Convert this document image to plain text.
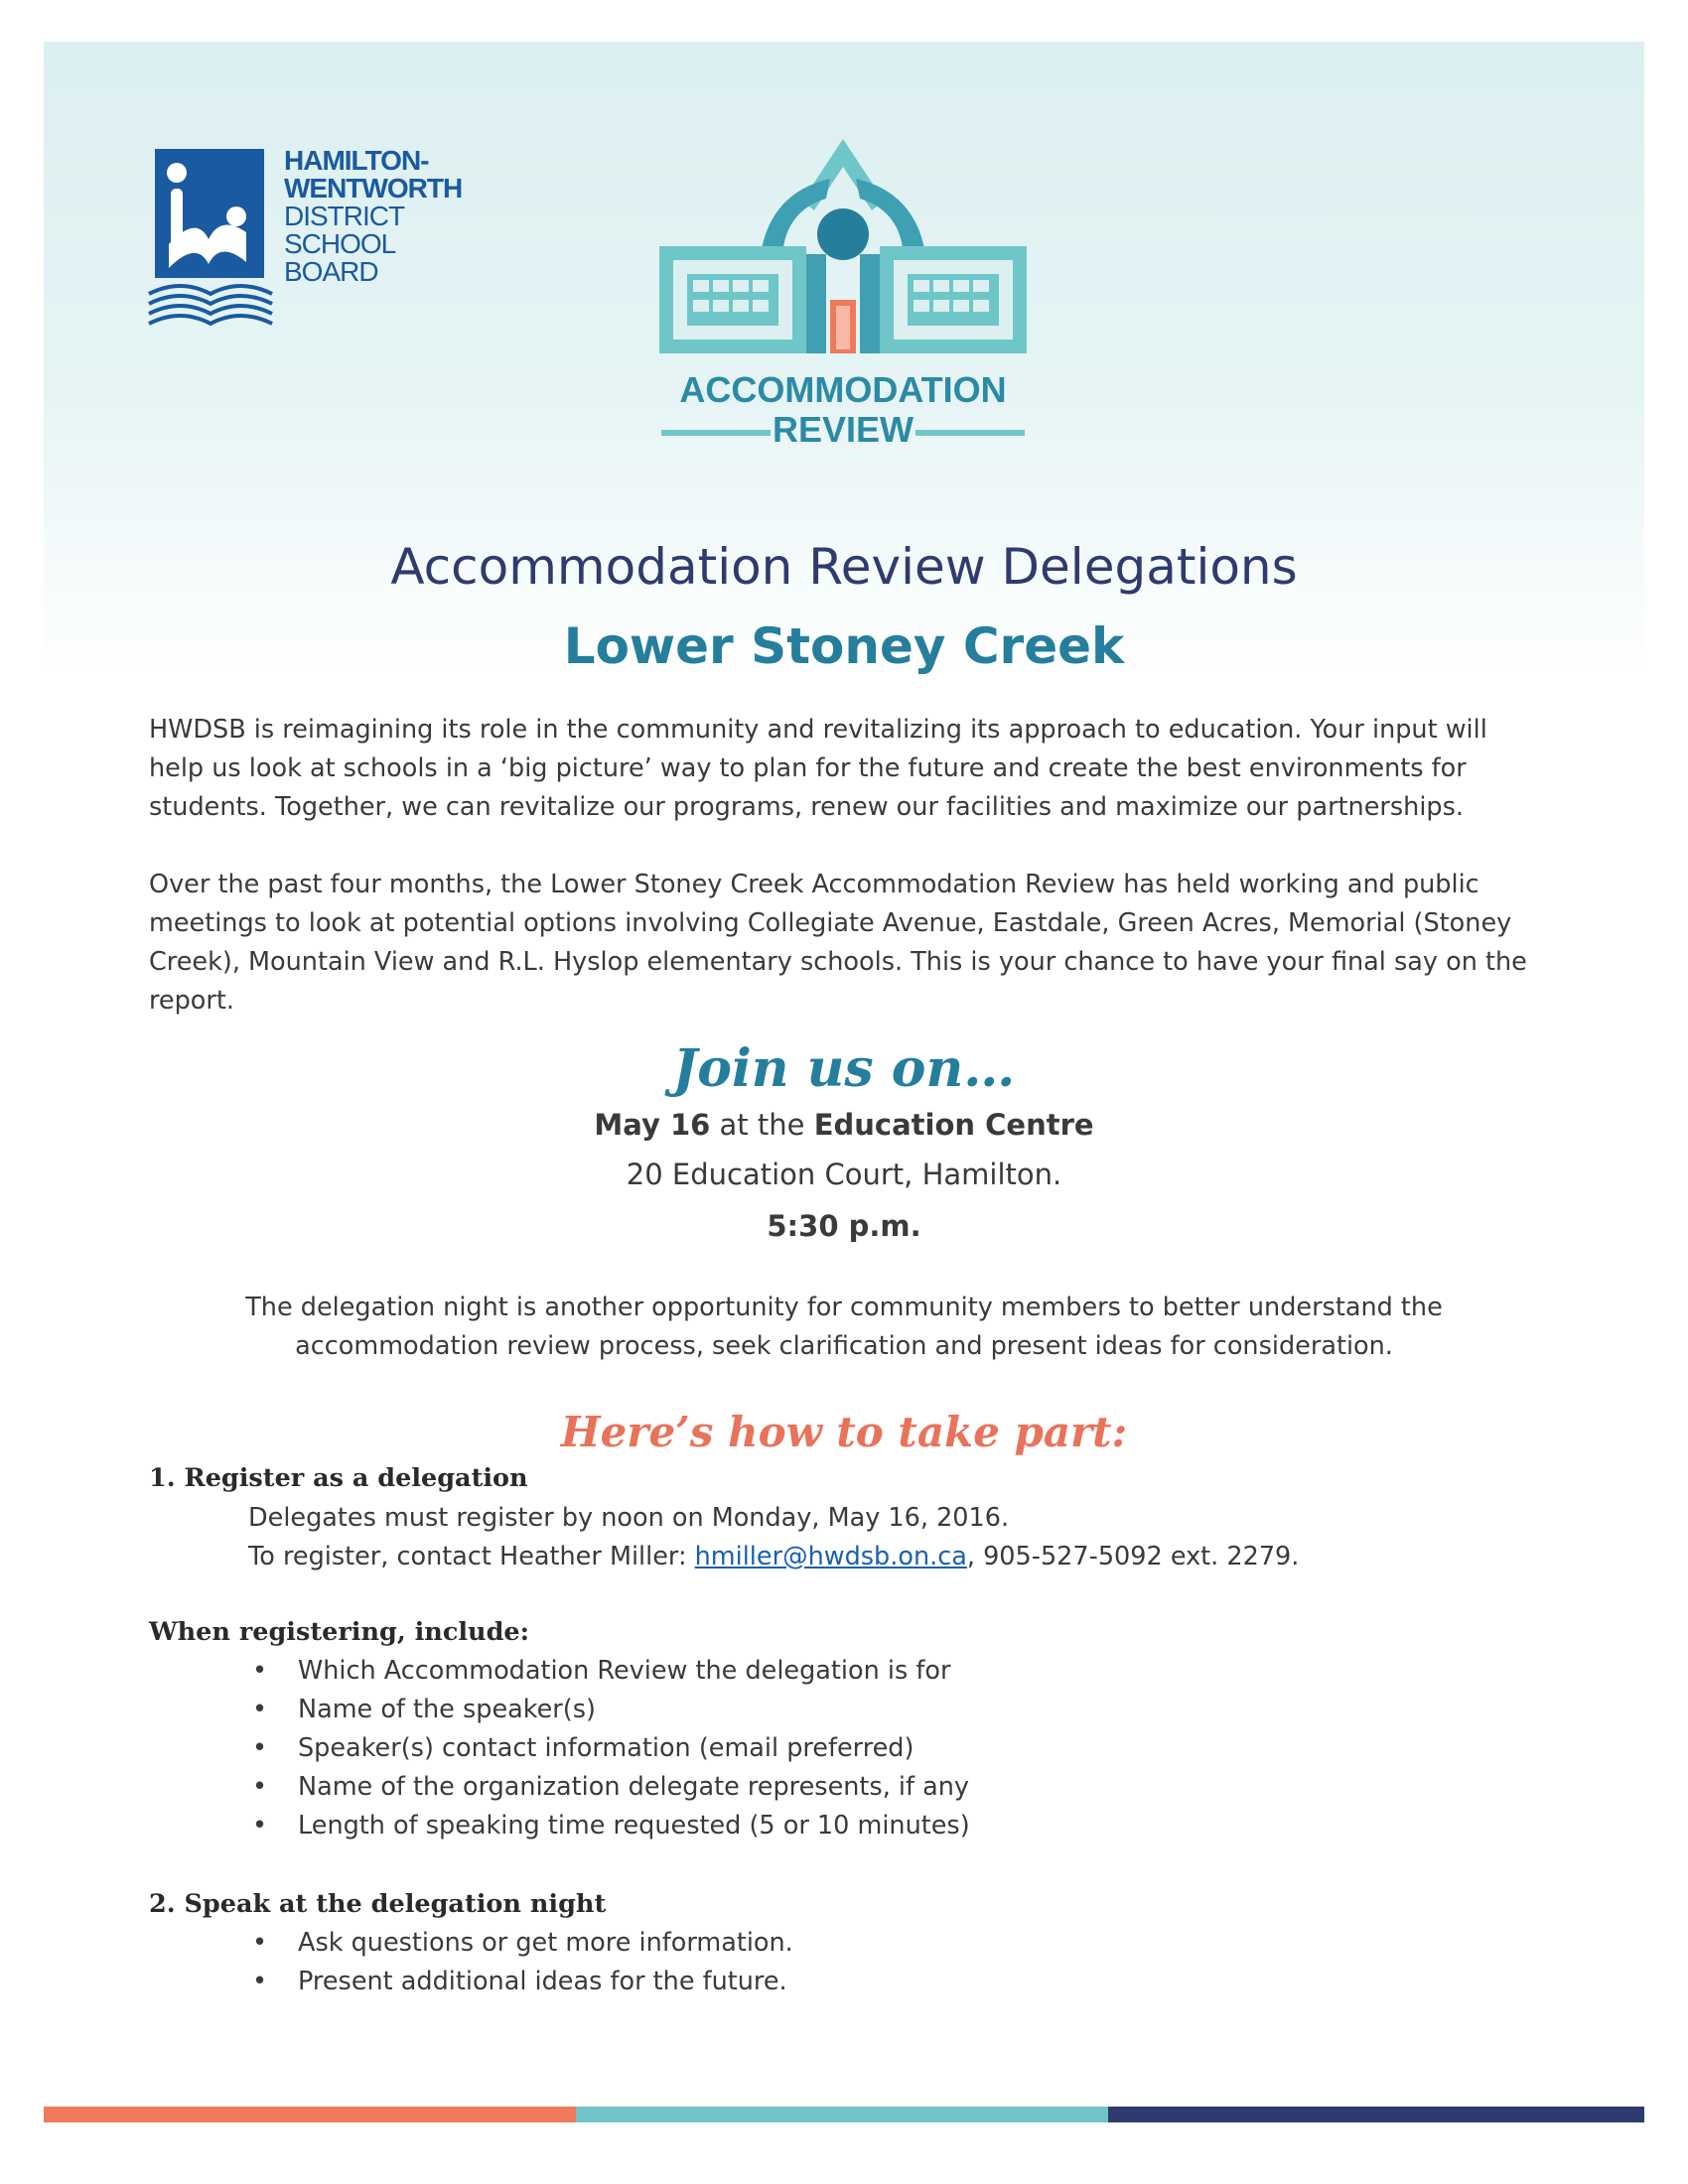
HAMILTON-
WENTWORTH
DISTRICT
SCHOOL
BOARD
ACCOMMODATION
REVIEW
Accommodation Review Delegations
Lower Stoney Creek
HWDSB is reimagining its role in the community and revitalizing its approach to education. Your input will help us look at schools in a ‘big picture’ way to plan for the future and create the best environments for students. Together, we can revitalize our programs, renew our facilities and maximize our partnerships.
Over the past four months, the Lower Stoney Creek Accommodation Review has held working and public meetings to look at potential options involving Collegiate Avenue, Eastdale, Green Acres, Memorial (Stoney Creek), Mountain View and R.L. Hyslop elementary schools. This is your chance to have your final say on the report.
Join us on…
May 16 at the Education Centre
20 Education Court, Hamilton.
5:30 p.m.
The delegation night is another opportunity for community members to better understand the accommodation review process, seek clarification and present ideas for consideration.
Here’s how to take part:
1. Register as a delegation
Delegates must register by noon on Monday, May 16, 2016.
To register, contact Heather Miller: hmiller@hwdsb.on.ca, 905-527-5092 ext. 2279.
When registering, include:
• Which Accommodation Review the delegation is for
• Name of the speaker(s)
• Speaker(s) contact information (email preferred)
• Name of the organization delegate represents, if any
• Length of speaking time requested (5 or 10 minutes)
2. Speak at the delegation night
• Ask questions or get more information.
• Present additional ideas for the future.
